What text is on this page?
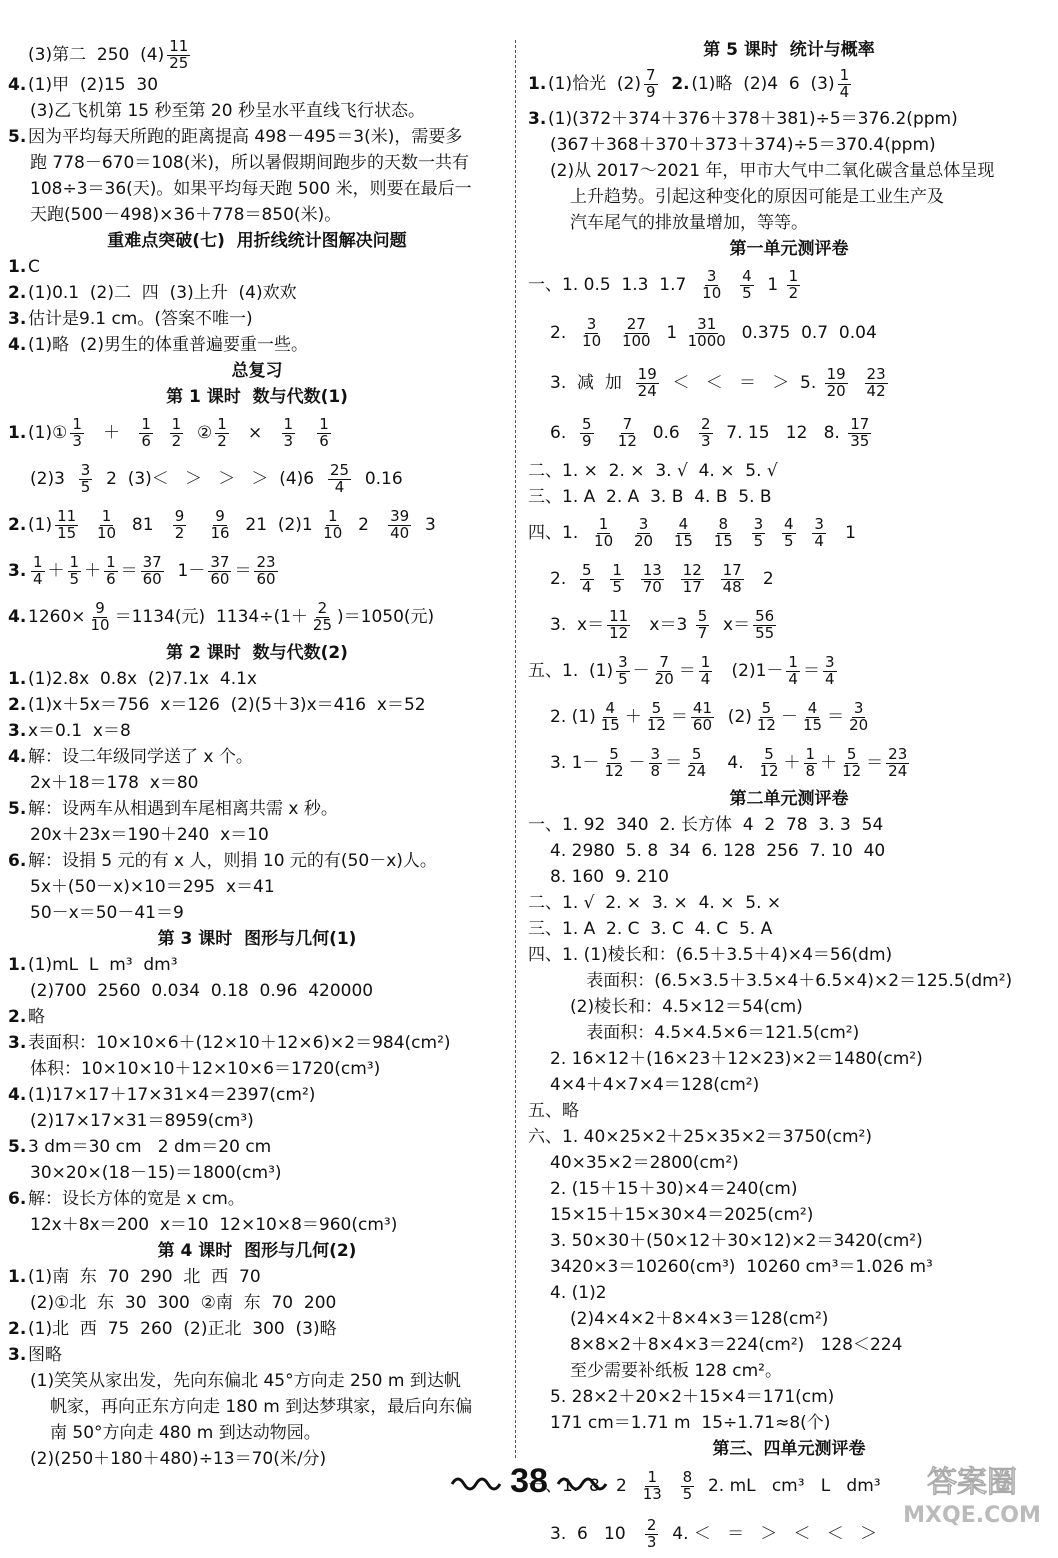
(3)第二  250  $(4) \frac{11}{25}$
4. (1)甲  (2)15  30
(3)乙飞机第 15 秒至第 20 秒呈水平直线飞行状态。
5. 因为平均每天所跑的距离提高 498－495＝3(米)，需要多
跑 778－670＝108(米)，所以暑假期间跑步的天数一共有
108÷3＝36(天)。如果平均每天跑 500 米，则要在最后一
天跑(500－498)×36＋778＝850(米)。
重难点突破(七)  用折线统计图解决问题
1. C
2. (1)0.1  (2)二  四  (3)上升  (4)欢欢
3. 估计是9.1 cm。(答案不唯一)
4. (1)略  (2)男生的体重普遍要重一些。
总复习
第 1 课时  数与代数(1)
1. (1)① $\frac{1}{3} + \frac{1}{6}$
$\frac{1}{2}$ ② $\frac{1}{2} \times \frac{1}{3}$
$\frac{1}{6}$
$(2)3 \frac{3}{5} 2$  (3)＜   ＞   ＞   ＞  $(4)6 \frac{25}{4} 0.16$
2. $(1) \frac{11}{15}$
$\frac{1}{10} 81 \frac{9}{2}$
$\frac{9}{16} 21$  $(2)1 \frac{1}{10} 2 \frac{39}{40} 3$
3. $\frac{1}{4} + \frac{1}{5} + \frac{1}{6} = \frac{37}{60} 1- \frac{37}{60} = \frac{23}{60}$
4. $1260\times \frac{9}{10} =1134$(元)  $1134\div(1+ \frac{2}{25} )=1050$(元)
第 2 课时  数与代数(2)
1. (1)2.8x  0.8x  (2)7.1x  4.1x
2. (1)x＋5x＝756  x＝126  (2)(5＋3)x＝416  x＝52
3. x＝0.1  x＝8
4. 解：设二年级同学送了 x 个。
2x＋18＝178  x＝80
5. 解：设两车从相遇到车尾相离共需 x 秒。
20x＋23x＝190＋240  x＝10
6. 解：设捐 5 元的有 x 人，则捐 10 元的有(50－x)人。
5x＋(50－x)×10＝295  x＝41
50－x＝50－41＝9
第 3 课时  图形与几何(1)
1. (1)mL  L  m³  dm³
(2)700  2560  0.034  0.18  0.96  420000
2. 略
3. 表面积：10×10×6＋(12×10＋12×6)×2＝984(cm²)
体积：10×10×10＋12×10×6＝1720(cm³)
4. (1)17×17＋17×31×4＝2397(cm²)
(2)17×17×31＝8959(cm³)
5. 3 dm＝30 cm   2 dm＝20 cm
30×20×(18－15)＝1800(cm³)
6. 解：设长方体的宽是 x cm。
12x＋8x＝200  x＝10  12×10×8＝960(cm³)
第 4 课时  图形与几何(2)
1. (1)南  东  70  290  北  西  70
(2)①北  东  30  300  ②南  东  70  200
2. (1)北  西  75  260  (2)正北  300  (3)略
3. 图略
(1)笑笑从家出发，先向东偏北 45°方向走 250 m 到达帆
帆家，再向正东方向走 180 m 到达梦琪家，最后向东偏
南 50°方向走 480 m 到达动物园。
(2)(250＋180＋480)÷13＝70(米/分)
第 5 课时  统计与概率
1. (1)恰光  $(2) \frac{7}{9}$
2. (1)略  (2)4  6  $(3) \frac{1}{4}$
3. (1)(372＋374＋376＋378＋381)÷5＝376.2(ppm)
(367＋368＋370＋373＋374)÷5＝370.4(ppm)
(2)从 2017～2021 年，甲市大气中二氧化碳含量总体呈现
上升趋势。引起这种变化的原因可能是工业生产及
汽车尾气的排放量增加，等等。
第一单元测评卷
一、1. 0.5  1.3  $1.7 \frac{3}{10}$
$\frac{4}{5} 1 \frac{1}{2}$
2. $\frac{3}{10}$
$\frac{27}{100} 1 \frac{31}{1000} 0.375$  0.7  0.04
3.  减  加 $\frac{19}{24}$ ＜   ＜   ＝   ＞  5. $\frac{19}{20}$
$\frac{23}{42}$
6. $\frac{5}{9}$
$\frac{7}{12} 0.6 \frac{2}{3} 7$. 15   12   8. $\frac{17}{35}$
二、1. ×  2. ×  3. √  4. ×  5. √
三、1. A  2. A  3. B  4. B  5. B
四、1. $\frac{1}{10}$
$\frac{3}{20}$
$\frac{4}{15}$
$\frac{8}{15}$
$\frac{3}{5}$
$\frac{4}{5}$
$\frac{3}{4} 1$
2. $\frac{5}{4}$
$\frac{1}{5}$
$\frac{13}{70}$
$\frac{12}{17}$
$\frac{17}{48} 2$
3.  $x= \frac{11}{12} x=3 \frac{5}{7} x= \frac{56}{55}$
五、1.  $(1) \frac{3}{5} - \frac{7}{20} = \frac{1}{4} (2)1- \frac{1}{4} = \frac{3}{4}$
2. $(1) \frac{4}{15} + \frac{5}{12} = \frac{41}{60} (2) \frac{5}{12} - \frac{4}{15} = \frac{3}{20}$
3. $1- \frac{5}{12} - \frac{3}{8} = \frac{5}{24} 4$. $\frac{5}{12} + \frac{1}{8} + \frac{5}{12} = \frac{23}{24}$
第二单元测评卷
一、1. 92  340  2. 长方体  4  2  78  3. 3  54
4. 2980  5. 8  34  6. 128  256  7. 10  40
8. 160  9. 210
二、1. √  2. ×  3. ×  4. ×  5. ×
三、1. A  2. C  3. C  4. C  5. A
四、1. (1)棱长和：(6.5＋3.5＋4)×4＝56(dm)
表面积：(6.5×3.5＋3.5×4＋6.5×4)×2＝125.5(dm²)
(2)棱长和：4.5×12＝54(cm)
表面积：4.5×4.5×6＝121.5(cm²)
2. 16×12＋(16×23＋12×23)×2＝1480(cm²)
4×4＋4×7×4＝128(cm²)
五、略
六、1. 40×25×2＋25×35×2＝3750(cm²)
40×35×2＝2800(cm²)
2. (15＋15＋30)×4＝240(cm)
15×15＋15×30×4＝2025(cm²)
3. 50×30＋(50×12＋30×12)×2＝3420(cm²)
3420×3＝10260(cm³)  10260 cm³＝1.026 m³
4. (1)2
(2)4×4×2＋8×4×3＝128(cm²)
8×8×2＋8×4×3＝224(cm²)   128＜224
至少需要补纸板 128 cm²。
5. 28×2＋20×2＋15×4＝171(cm)
171 cm＝1.71 m  15÷1.71≈8(个)
第三、四单元测评卷
一、1.  8   $2 \frac{1}{13}$
$\frac{8}{5} 2$. mL   cm³   L   dm³
3.  6   $10 \frac{2}{3} 4$. ＜   ＝   ＞   ＜   ＜   ＞
38	答案圈
MXQE.COM
